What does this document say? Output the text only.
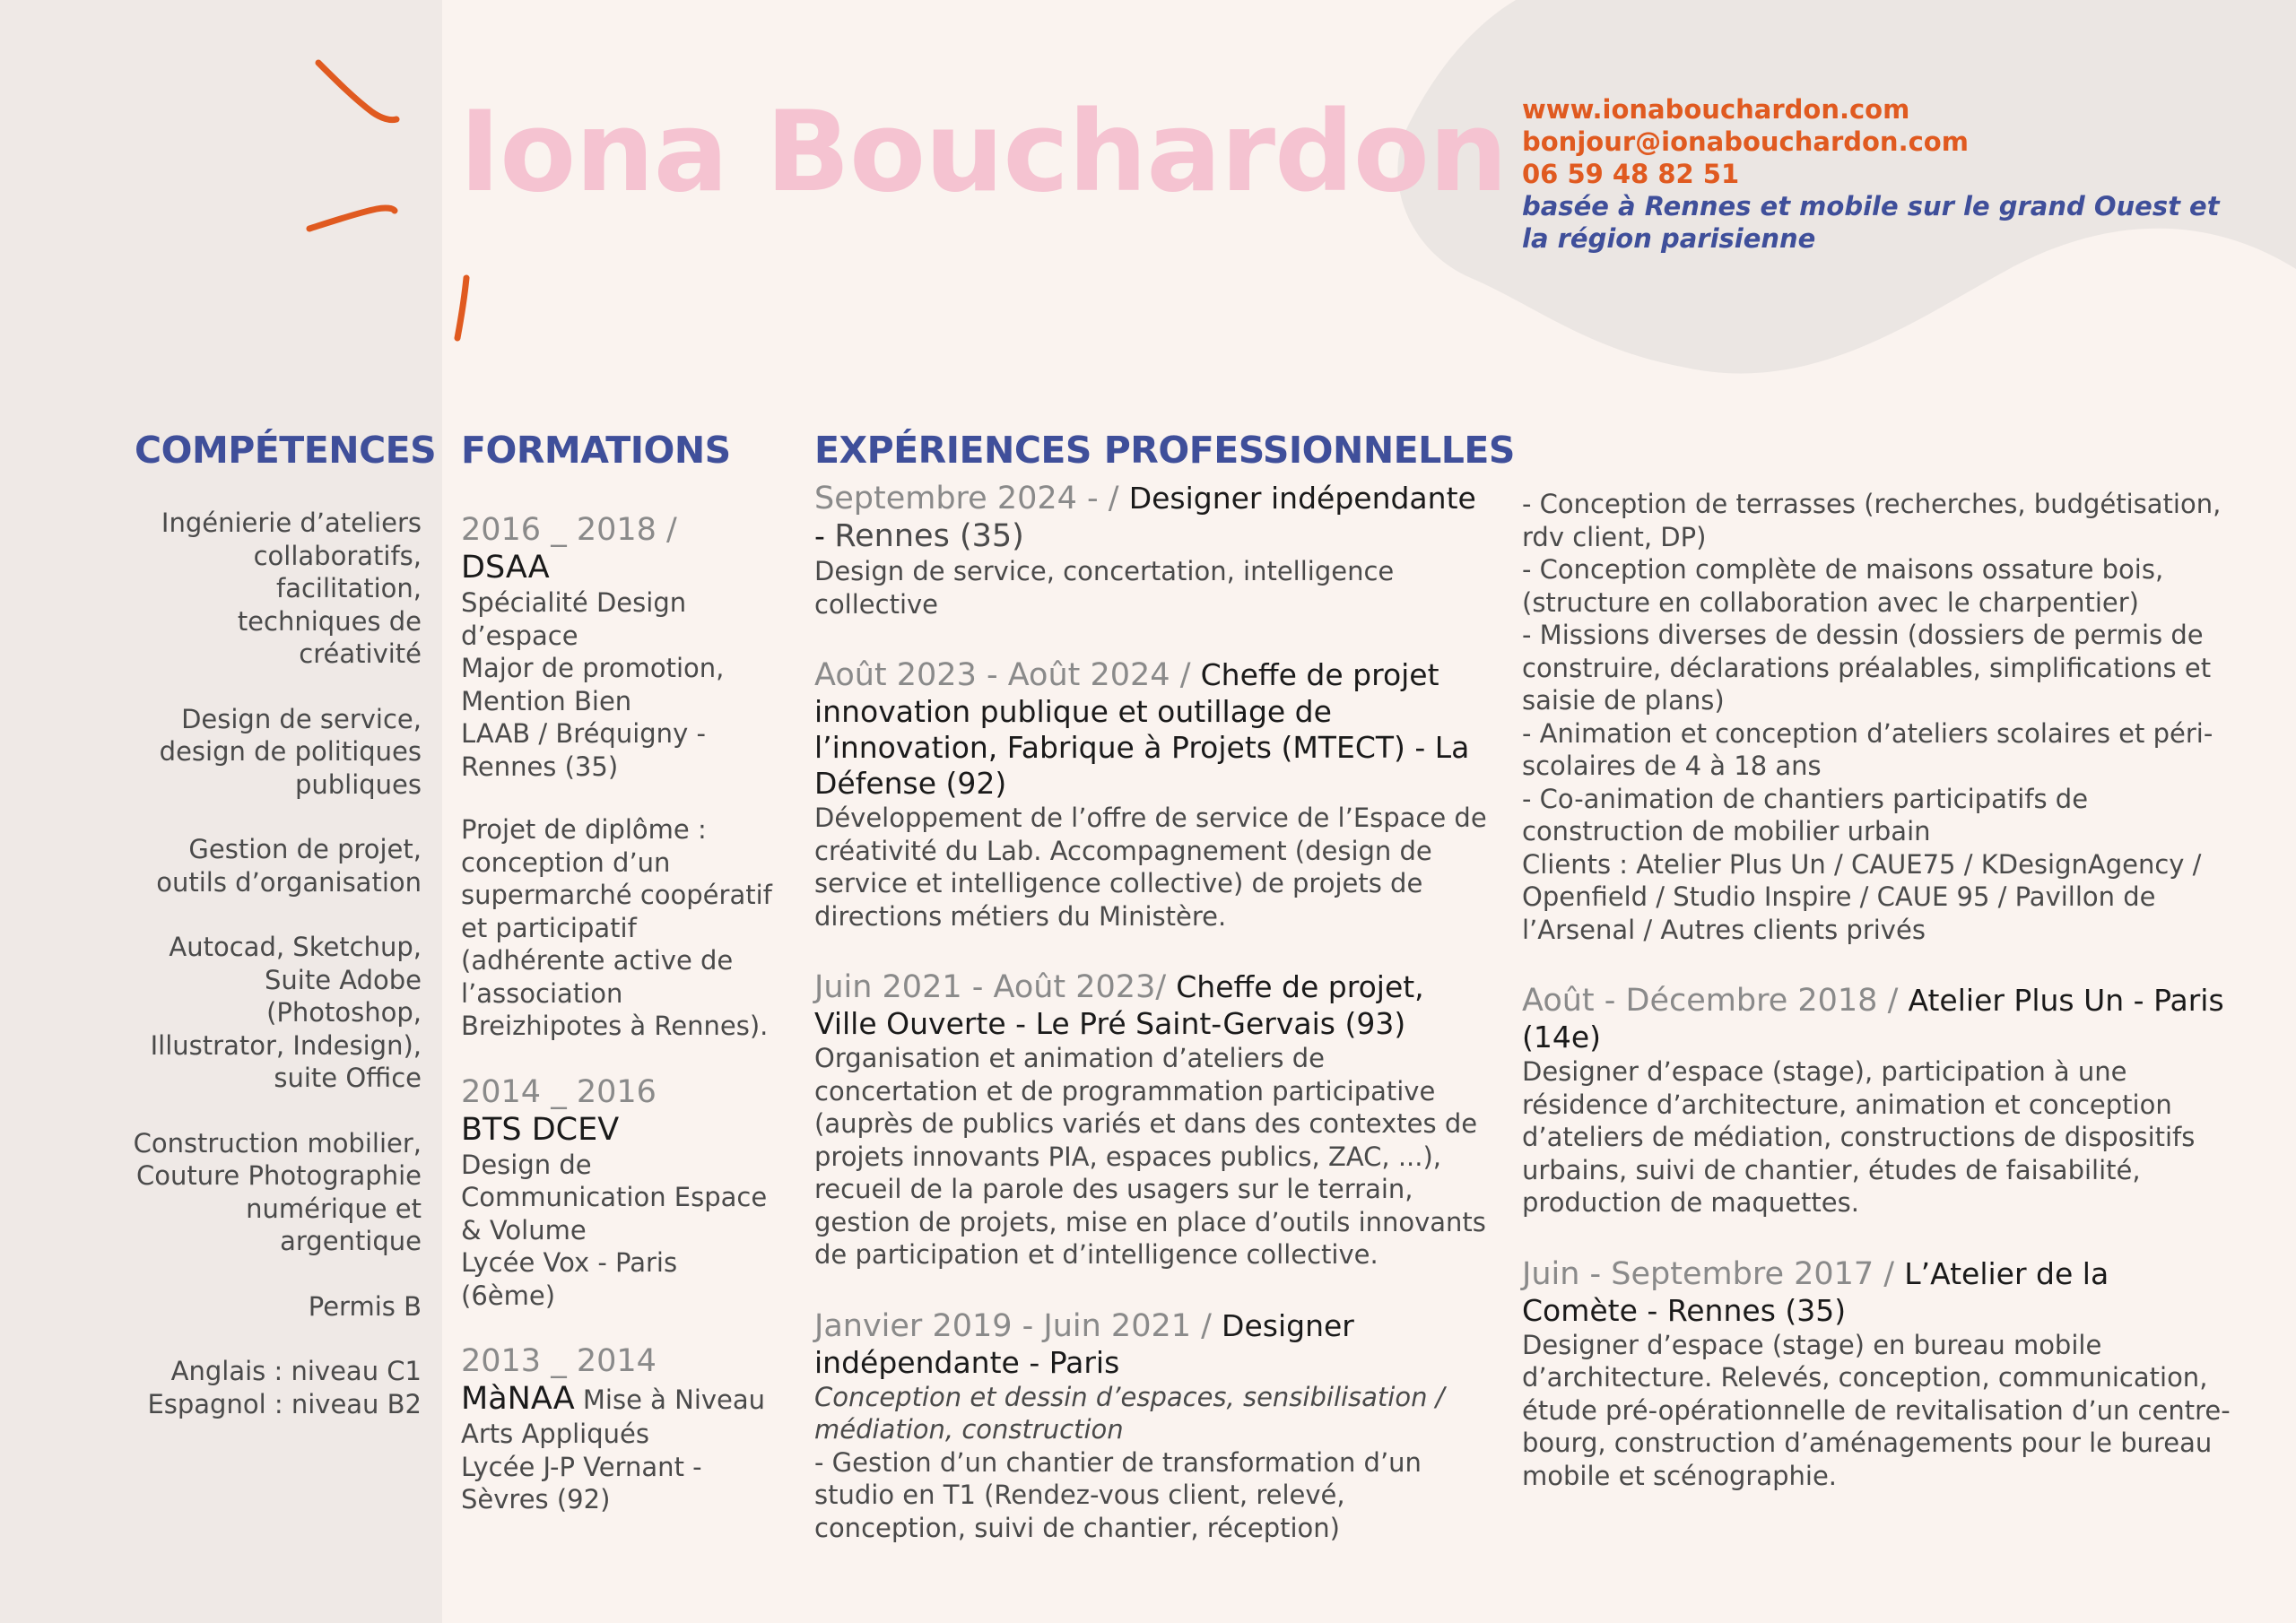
Iona Bouchardon www.ionabouchardon.com
bonjour@ionabouchardon.com
06 59 48 82 51
basée à Rennes et mobile sur le grand Ouest et la région parisienne
COMPÉTENCES FORMATIONS EXPÉRIENCES PROFESSIONNELLES
Ingénierie d’ateliers collaboratifs, facilitation, techniques de créativité
Design de service, design de politiques publiques
Gestion de projet, outils d’organisation
Autocad, Sketchup, Suite Adobe (Photoshop, Illustrator, Indesign), suite Office
Construction mobilier, Couture Photographie numérique et argentique
Permis B
Anglais : niveau C1 Espagnol : niveau B2
2016 _ 2018 / DSAA
Spécialité Design d’espace
Major de promotion, Mention Bien
LAAB / Bréquigny - Rennes (35)
Projet de diplôme : conception d’un supermarché coopératif et participatif (adhérente active de l’association Breizhipotes à Rennes).
2014 _ 2016
BTS DCEV
Design de Communication Espace & Volume
Lycée Vox - Paris (6ème)
2013 _ 2014
MàNAA Mise à Niveau Arts Appliqués
Lycée J-P Vernant - Sèvres (92)
Septembre 2024 - / Designer indépendante - Rennes (35)
Design de service, concertation, intelligence collective
Août 2023 - Août 2024 / Cheffe de projet innovation publique et outillage de l’innovation, Fabrique à Projets (MTECT) - La Défense (92)
Développement de l’offre de service de l’Espace de créativité du Lab. Accompagnement (design de service et intelligence collective) de projets de directions métiers du Ministère.
Juin 2021 - Août 2023/ Cheffe de projet, Ville Ouverte - Le Pré Saint-Gervais (93)
Organisation et animation d’ateliers de concertation et de programmation participative (auprès de publics variés et dans des contextes de projets innovants PIA, espaces publics, ZAC, ...), recueil de la parole des usagers sur le terrain, gestion de projets, mise en place d’outils innovants de participation et d’intelligence collective.
Janvier 2019 - Juin 2021 / Designer indépendante - Paris
Conception et dessin d’espaces, sensibilisation / médiation, construction
- Gestion d’un chantier de transformation d’un studio en T1 (Rendez-vous client, relevé, conception, suivi de chantier, réception)
- Conception de terrasses (recherches, budgétisation, rdv client, DP)
- Conception complète de maisons ossature bois, (structure en collaboration avec le charpentier)
- Missions diverses de dessin (dossiers de permis de construire, déclarations préalables, simplifications et saisie de plans)
- Animation et conception d’ateliers scolaires et péri-scolaires de 4 à 18 ans
- Co-animation de chantiers participatifs de construction de mobilier urbain
Clients : Atelier Plus Un / CAUE75 / KDesignAgency / Openfield / Studio Inspire / CAUE 95 / Pavillon de l’Arsenal / Autres clients privés
Août - Décembre 2018 / Atelier Plus Un - Paris (14e)
Designer d’espace (stage), participation à une résidence d’architecture, animation et conception d’ateliers de médiation, constructions de dispositifs urbains, suivi de chantier, études de faisabilité, production de maquettes.
Juin - Septembre 2017 / L’Atelier de la Comète - Rennes (35)
Designer d’espace (stage) en bureau mobile d’architecture. Relevés, conception, communication, étude pré-opérationnelle de revitalisation d’un centre-bourg, construction d’aménagements pour le bureau mobile et scénographie.
